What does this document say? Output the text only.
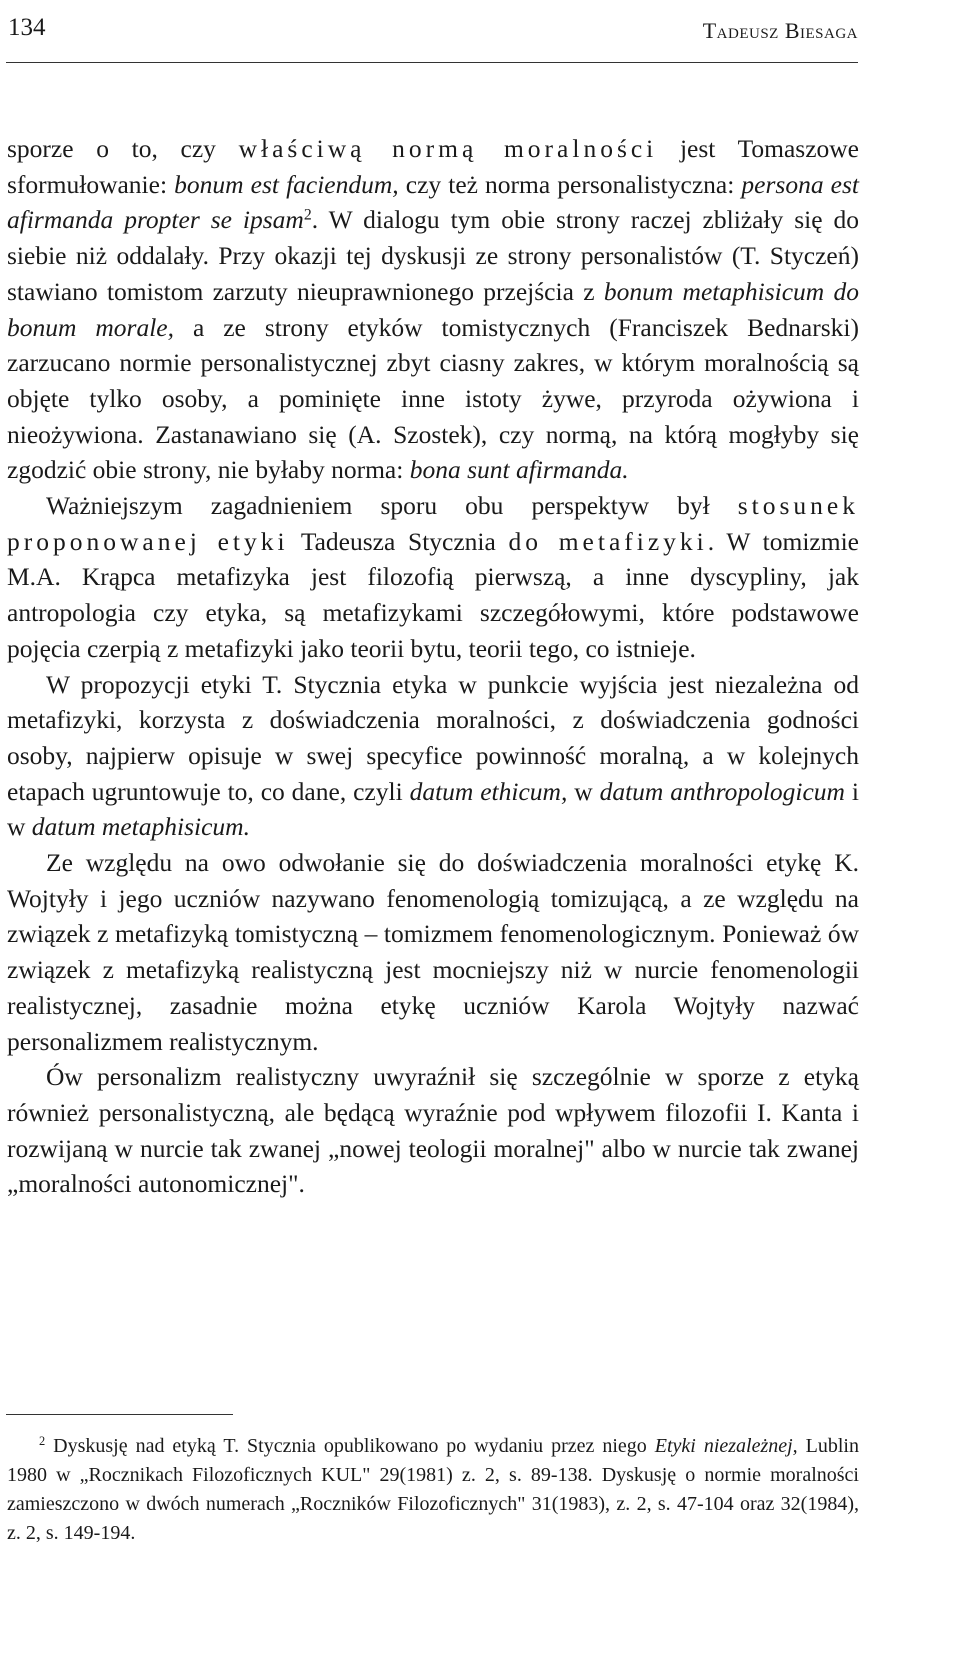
134	Tadeusz Biesaga

sporze o to, czy właściwą normą moralności jest Tomaszowe sformułowanie: bonum est faciendum, czy też norma personalistyczna: persona est afirmanda propter se ipsam$^2$. W dialogu tym obie strony raczej zbliżały się do siebie niż oddalały. Przy okazji tej dyskusji ze strony personalistów (T. Styczeń) stawiano tomistom zarzuty nieuprawnionego przejścia z bonum metaphisicum do bonum morale, a ze strony etyków tomistycznych (Franciszek Bednarski) zarzucano normie personalistycznej zbyt ciasny zakres, w którym moralnością są objęte tylko osoby, a pominięte inne istoty żywe, przyroda ożywiona i nieożywiona. Zastanawiano się (A. Szostek), czy normą, na którą mogłyby się zgodzić obie strony, nie byłaby norma: bona sunt afirmanda.

Ważniejszym zagadnieniem sporu obu perspektyw był stosunek proponowanej etyki Tadeusza Stycznia do metafizyki. W tomizmie M.A. Krąpca metafizyka jest filozofią pierwszą, a inne dyscypliny, jak antropologia czy etyka, są metafizykami szczegółowymi, które podstawowe pojęcia czerpią z metafizyki jako teorii bytu, teorii tego, co istnieje.

W propozycji etyki T. Stycznia etyka w punkcie wyjścia jest niezależna od metafizyki, korzysta z doświadczenia moralności, z doświadczenia godności osoby, najpierw opisuje w swej specyfice powinność moralną, a w kolejnych etapach ugruntowuje to, co dane, czyli datum ethicum, w datum anthropologicum i w datum metaphisicum.

Ze względu na owo odwołanie się do doświadczenia moralności etykę K. Wojtyły i jego uczniów nazywano fenomenologią tomizującą, a ze względu na związek z metafizyką tomistyczną – tomizmem fenomenologicznym. Ponieważ ów związek z metafizyką realistyczną jest mocniejszy niż w nurcie fenomenologii realistycznej, zasadnie można etykę uczniów Karola Wojtyły nazwać personalizmem realistycznym.

Ów personalizm realistyczny uwyraźnił się szczególnie w sporze z etyką również personalistyczną, ale będącą wyraźnie pod wpływem filozofii I. Kanta i rozwijaną w nurcie tak zwanej „nowej teologii moralnej" albo w nurcie tak zwanej „moralności autonomicznej".

$^2$ Dyskusję nad etyką T. Stycznia opublikowano po wydaniu przez niego Etyki niezależnej, Lublin 1980 w „Rocznikach Filozoficznych KUL" 29(1981) z. 2, s. 89-138. Dyskusję o normie moralności zamieszczono w dwóch numerach „Roczników Filozoficznych" 31(1983), z. 2, s. 47-104 oraz 32(1984), z. 2, s. 149-194.
